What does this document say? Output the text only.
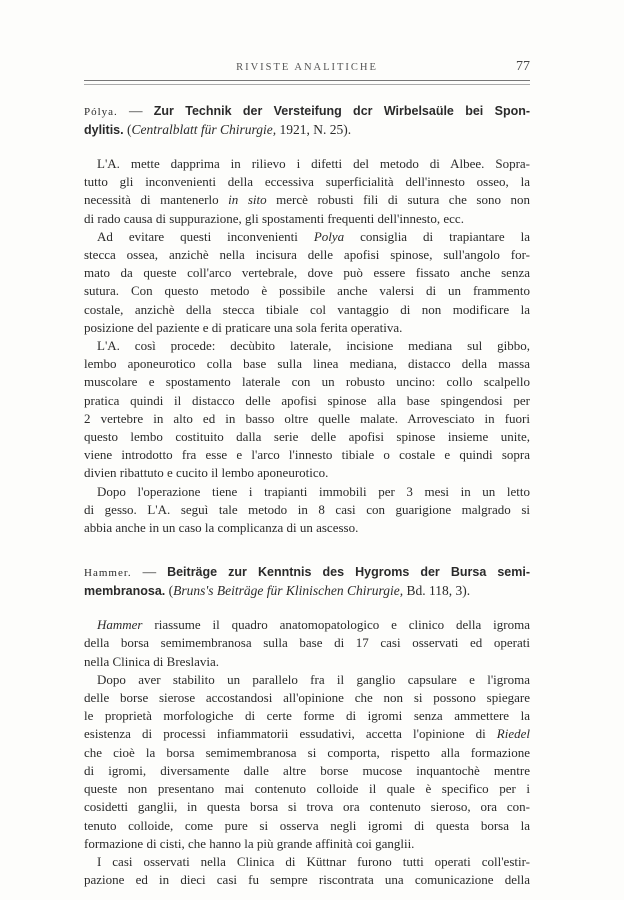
RIVISTE ANALITICHE	77
Pólya. — Zur Technik der Versteifung dcr Wirbelsaüle bei Spon-
dylitis. (Centralblatt für Chirurgie, 1921, N. 25).
L'A. mette dapprima in rilievo i difetti del metodo di Albee. Sopra-
tutto gli inconvenienti della eccessiva superficialità dell'innesto osseo, la
necessità di mantenerlo in sito mercè robusti fili di sutura che sono non
di rado causa di suppurazione, gli spostamenti frequenti dell'innesto, ecc.
Ad evitare questi inconvenienti Polya consiglia di trapiantare la
stecca ossea, anzichè nella incisura delle apofisi spinose, sull'angolo for-
mato da queste coll'arco vertebrale, dove può essere fissato anche senza
sutura. Con questo metodo è possibile anche valersi di un frammento
costale, anzichè della stecca tibiale col vantaggio di non modificare la
posizione del paziente e di praticare una sola ferita operativa.
L'A. così procede: decùbito laterale, incisione mediana sul gibbo,
lembo aponeurotico colla base sulla linea mediana, distacco della massa
muscolare e spostamento laterale con un robusto uncino: collo scalpello
pratica quindi il distacco delle apofisi spinose alla base spingendosi per
2 vertebre in alto ed in basso oltre quelle malate. Arrovesciato in fuori
questo lembo costituito dalla serie delle apofisi spinose insieme unite,
viene introdotto fra esse e l'arco l'innesto tibiale o costale e quindi sopra
divien ribattuto e cucito il lembo aponeurotico.
Dopo l'operazione tiene i trapianti immobili per 3 mesi in un letto
di gesso. L'A. seguì tale metodo in 8 casi con guarigione malgrado si
abbia anche in un caso la complicanza di un ascesso.
Hammer. — Beiträge zur Kenntnis des Hygroms der Bursa semi-
membranosa. (Bruns's Beiträge für Klinischen Chirurgie, Bd. 118, 3).
Hammer riassume il quadro anatomopatologico e clinico della igroma
della borsa semimembranosa sulla base di 17 casi osservati ed operati
nella Clinica di Breslavia.
Dopo aver stabilito un parallelo fra il ganglio capsulare e l'igroma
delle borse sierose accostandosi all'opinione che non si possono spiegare
le proprietà morfologiche di certe forme di igromi senza ammettere la
esistenza di processi infiammatorii essudativi, accetta l'opinione di Riedel
che cioè la borsa semimembranosa si comporta, rispetto alla formazione
di igromi, diversamente dalle altre borse mucose inquantochè mentre
queste non presentano mai contenuto colloide il quale è specifico per i
cosidetti ganglii, in questa borsa si trova ora contenuto sieroso, ora con-
tenuto colloide, come pure si osserva negli igromi di questa borsa la
formazione di cisti, che hanno la più grande affinità coi ganglii.
I casi osservati nella Clinica di Küttnar furono tutti operati coll'estir-
pazione ed in dieci casi fu sempre riscontrata una comunicazione della
